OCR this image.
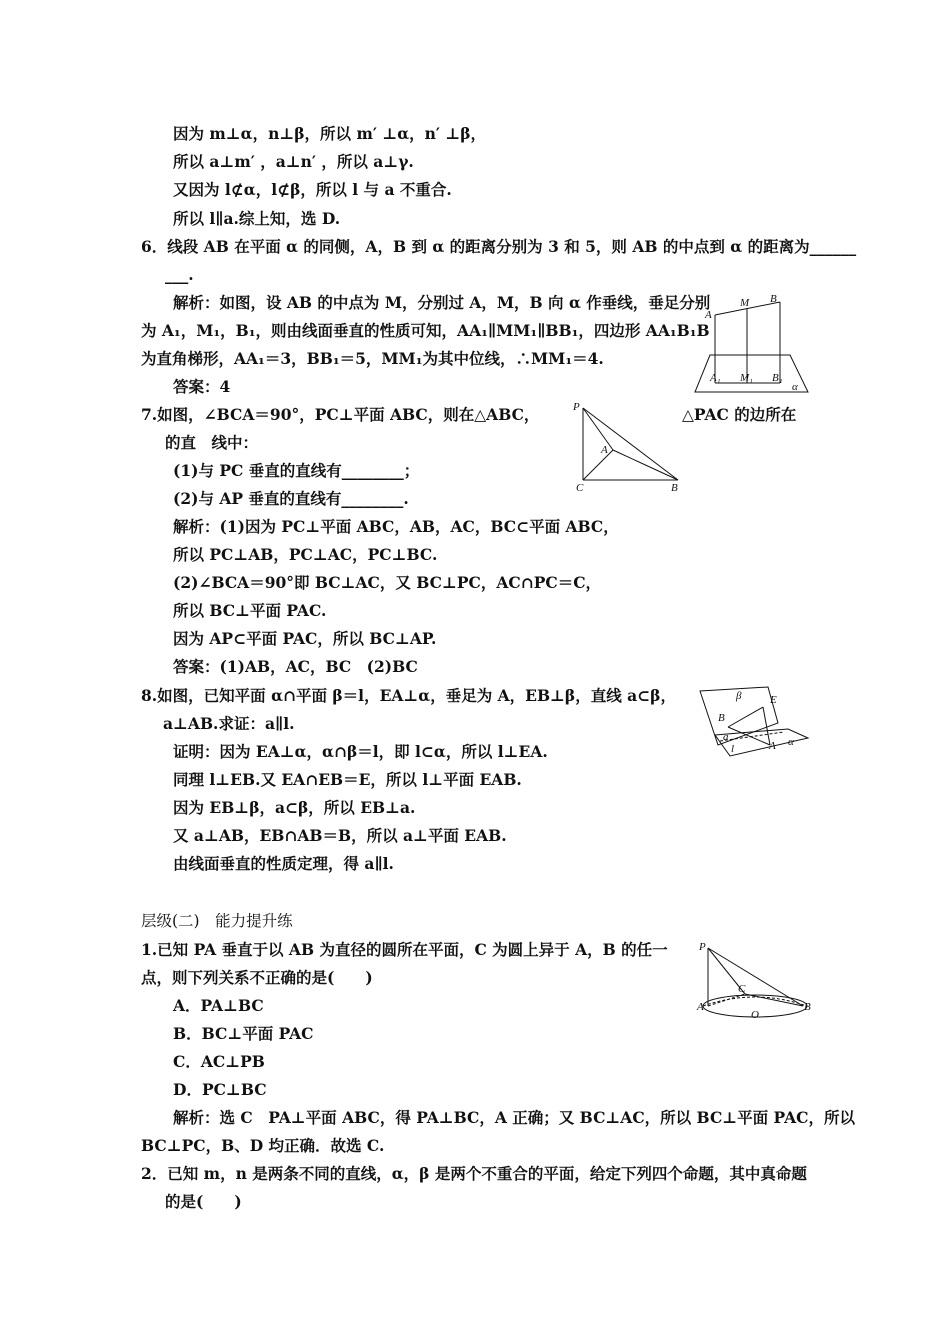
因为 m⊥α，n⊥β，所以 m′ ⊥α，n′ ⊥β，
所以 a⊥m′ ，a⊥n′ ，所以 a⊥γ.
又因为 l⊄α，l⊄β，所以 l 与 a 不重合.
所以 l∥a.综上知，选 D.
6．线段 AB 在平面 α 的同侧，A，B 到 α 的距离分别为 3 和 5，则 AB 的中点到 α 的距离为______
___.
解析：如图，设 AB 的中点为 M，分别过 A，M，B 向 α 作垂线，垂足分别
为 A₁，M₁，B₁，则由线面垂直的性质可知，AA₁∥MM₁∥BB₁，四边形 AA₁B₁B
为直角梯形，AA₁＝3，BB₁＝5，MM₁为其中位线，∴MM₁＝4.
答案：4
7.如图，∠BCA＝90°，PC⊥平面 ABC，则在△ABC，	△PAC 的边所在
的直　线中：
(1)与 PC 垂直的直线有________；
(2)与 AP 垂直的直线有________.
解析：(1)因为 PC⊥平面 ABC，AB，AC，BC⊂平面 ABC，
所以 PC⊥AB，PC⊥AC，PC⊥BC.
(2)∠BCA＝90°即 BC⊥AC，又 BC⊥PC，AC∩PC＝C，
所以 BC⊥平面 PAC.
因为 AP⊂平面 PAC，所以 BC⊥AP.
答案：(1)AB，AC，BC　(2)BC
8.如图，已知平面 α∩平面 β＝l，EA⊥α，垂足为 A，EB⊥β，直线 a⊂β，
a⊥AB.求证：a∥l.
证明：因为 EA⊥α，α∩β＝l，即 l⊂α，所以 l⊥EA.
同理 l⊥EB.又 EA∩EB＝E，所以 l⊥平面 EAB.
因为 EB⊥β，a⊂β，所以 EB⊥a.
又 a⊥AB，EB∩AB＝B，所以 a⊥平面 EAB.
由线面垂直的性质定理，得 a∥l.
层级(二)　能力提升练
1.已知 PA 垂直于以 AB 为直径的圆所在平面，C 为圆上异于 A，B 的任一
点，则下列关系不正确的是(　　)
A．PA⊥BC
B．BC⊥平面 PAC
C．AC⊥PB
D．PC⊥BC
解析：选 C　PA⊥平面 ABC，得 PA⊥BC，A 正确；又 BC⊥AC，所以 BC⊥平面 PAC，所以
BC⊥PC，B、D 均正确．故选 C.
2．已知 m，n 是两条不同的直线，α，β 是两个不重合的平面，给定下列四个命题，其中真命题
的是(　　)
A
M B
A₁ M₁ B₁
α
P
A
C	B
β	E
B
a
l	A α
P
C
A
O
B
